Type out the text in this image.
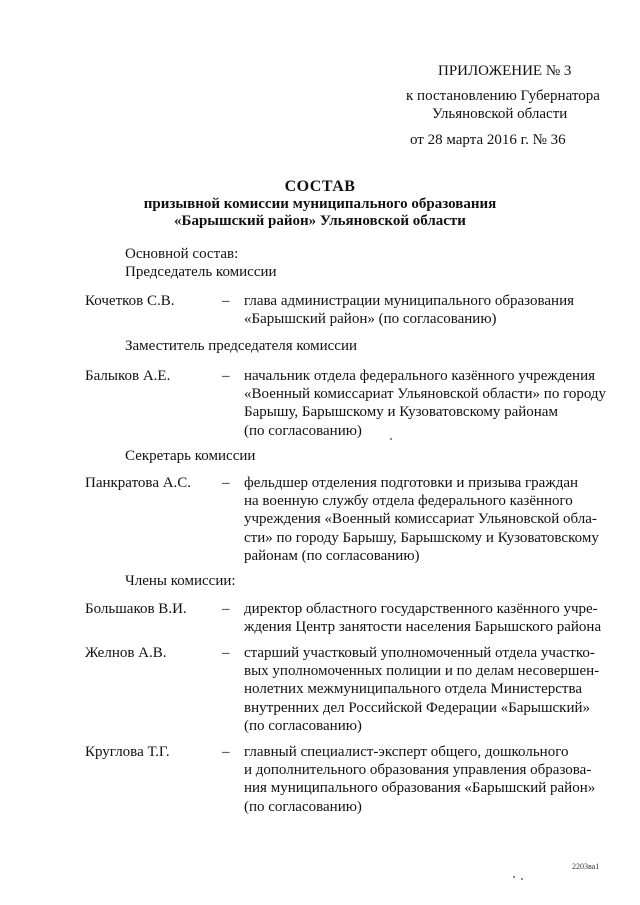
ПРИЛОЖЕНИЕ № 3
к постановлению Губернатора
Ульяновской области
от 28 марта 2016 г. № 36
СОСТАВ
призывной комиссии муниципального образования
«Барышский район» Ульяновской области
Основной состав:
Председатель комиссии
Кочетков С.В.	– глава администрации муниципального образования
«Барышский район» (по согласованию)
Заместитель председателя комиссии
Балыков А.Е.	– начальник отдела федерального казённого учреждения
«Военный комиссариат Ульяновской области» по городу
Барышу, Барышскому и Кузоватовскому районам
(по согласованию)
Секретарь комиссии
Панкратова А.С. – фельдшер отделения подготовки и призыва граждан
на военную службу отдела федерального казённого
учреждения «Военный комиссариат Ульяновской обла-
сти» по городу Барышу, Барышскому и Кузоватовскому
районам (по согласованию)
Члены комиссии:
Большаков В.И. – директор областного государственного казённого учре-
ждения Центр занятости населения Барышского района
Желнов А.В.	– старший участковый уполномоченный отдела участко-
вых уполномоченных полиции и по делам несовершен-
нолетних межмуниципального отдела Министерства
внутренних дел Российской Федерации «Барышский»
(по согласованию)
Круглова Т.Г.	– главный специалист-эксперт общего, дошкольного
и дополнительного образования управления образова-
ния муниципального образования «Барышский район»
(по согласованию)
2203ва1
